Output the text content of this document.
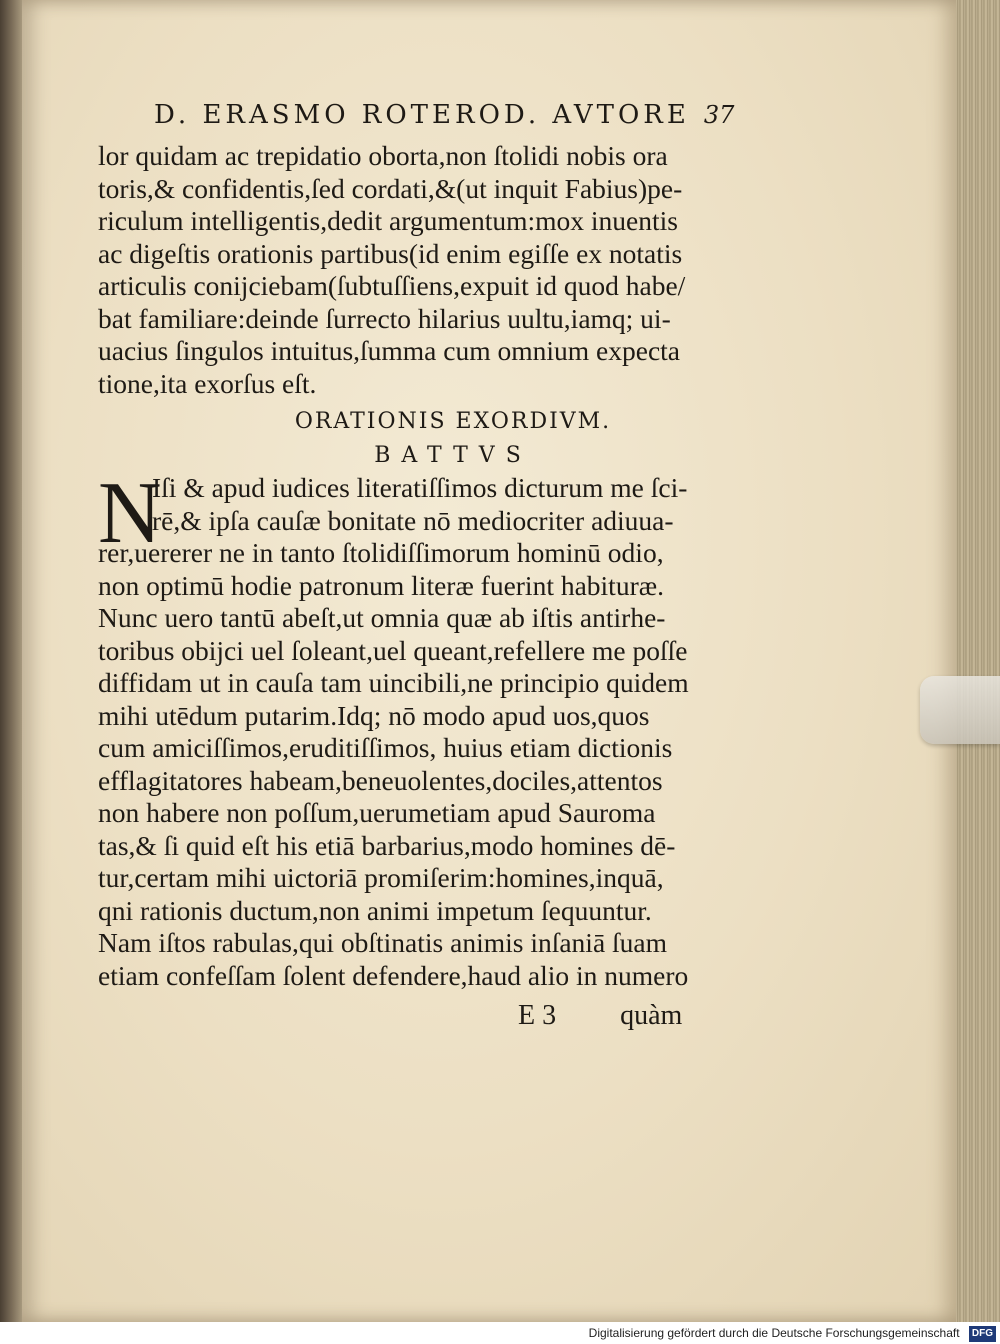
D. ERASMO ROTEROD. AVTORE 37
lor quidam ac trepidatio oborta,non ſtolidi nobis ora
toris,& confidentis,ſed cordati,&(ut inquit Fabius)pe-
riculum intelligentis,dedit argumentum:mox inuentis
ac digeſtis orationis partibus(id enim egiſſe ex notatis
articulis conijciebam(ſubtuſſiens,expuit id quod habe/
bat familiare:deinde ſurrecto hilarius uultu,iamq; ui-
uacius ſingulos intuitus,ſumma cum omnium expecta
tione,ita exorſus eſt.
ORATIONIS EXORDIVM.
BATTVS
N
Iſi & apud iudices literatiſſimos dicturum me ſci-
rē,& ipſa cauſæ bonitate nō mediocriter adiuua-
rer,uererer ne in tanto ſtolidiſſimorum hominū odio,
non optimū hodie patronum literæ fuerint habituræ.
Nunc uero tantū abeſt,ut omnia quæ ab iſtis antirhe-
toribus obijci uel ſoleant,uel queant,refellere me poſſe
diffidam ut in cauſa tam uincibili,ne principio quidem
mihi utēdum putarim.Idq; nō modo apud uos,quos
cum amiciſſimos,eruditiſſimos, huius etiam dictionis
efflagitatores habeam,beneuolentes,dociles,attentos
non habere non poſſum,uerumetiam apud Sauroma
tas,& ſi quid eſt his etiā barbarius,modo homines dē-
tur,certam mihi uictoriā promiſerim:homines,inquā,
qni rationis ductum,non animi impetum ſequuntur.
Nam iſtos rabulas,qui obſtinatis animis inſaniā ſuam
etiam confeſſam ſolent defendere,haud alio in numero
E 3 quàm
Digitalisierung gefördert durch die Deutsche Forschungsgemeinschaft DFG
